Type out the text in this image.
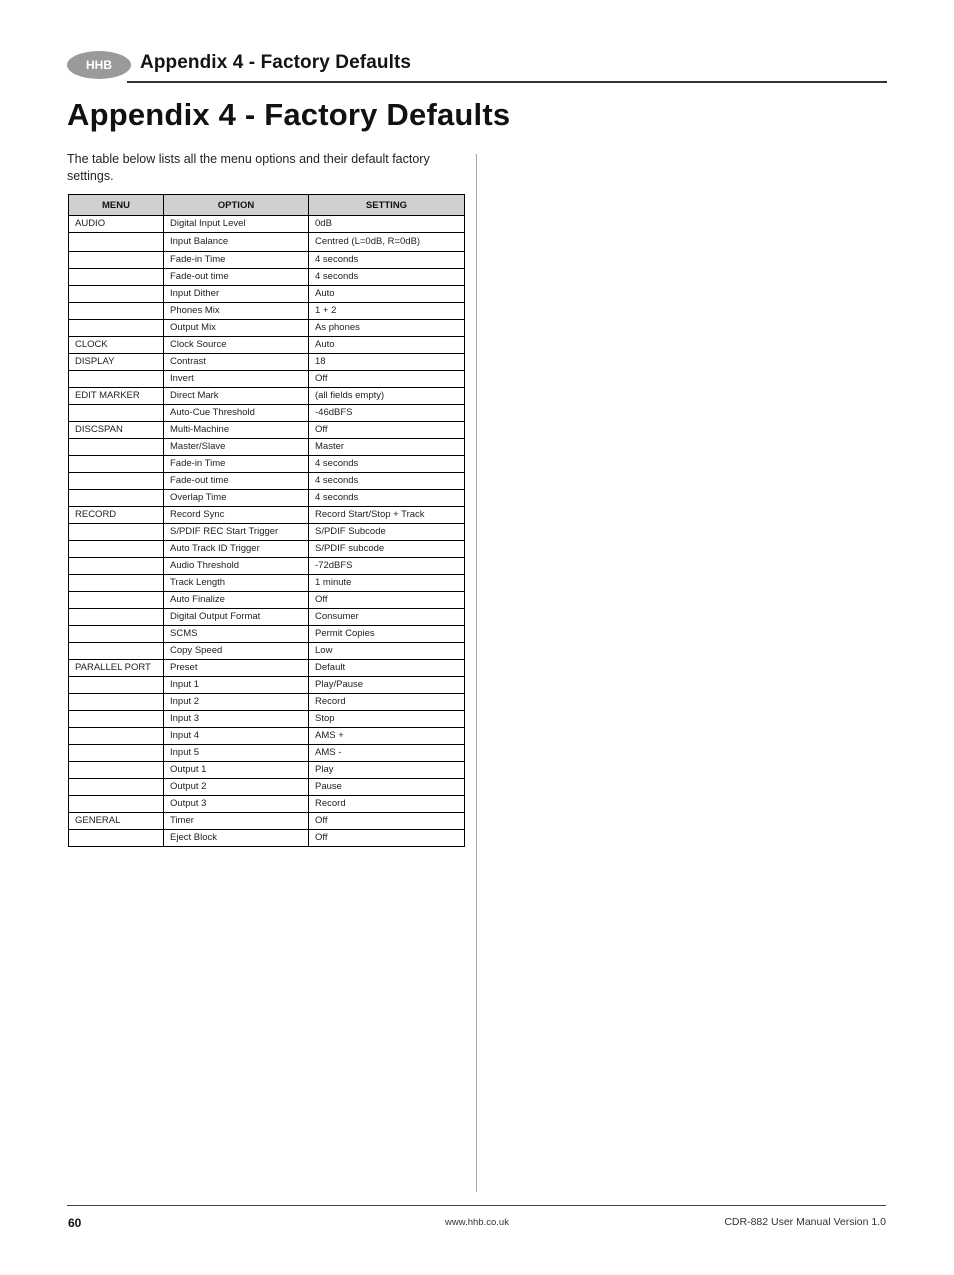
HHB Appendix 4 - Factory Defaults
Appendix 4 - Factory Defaults

The table below lists all the menu options and their default factory settings.

MENU	OPTION	SETTING
AUDIO	Digital Input Level	0dB
	Input Balance	Centred (L=0dB, R=0dB)
	Fade-in Time	4 seconds
	Fade-out time	4 seconds
	Input Dither	Auto
	Phones Mix	1 + 2
	Output Mix	As phones
CLOCK	Clock Source	Auto
DISPLAY	Contrast	18
	Invert	Off
EDIT MARKER	Direct Mark	(all fields empty)
	Auto-Cue Threshold	-46dBFS
DISCSPAN	Multi-Machine	Off
	Master/Slave	Master
	Fade-in Time	4 seconds
	Fade-out time	4 seconds
	Overlap Time	4 seconds
RECORD	Record Sync	Record Start/Stop + Track
	S/PDIF REC Start Trigger	S/PDIF Subcode
	Auto Track ID Trigger	S/PDIF subcode
	Audio Threshold	-72dBFS
	Track Length	1 minute
	Auto Finalize	Off
	Digital Output Format	Consumer
	SCMS	Permit Copies
	Copy Speed	Low
PARALLEL PORT	Preset	Default
	Input 1	Play/Pause
	Input 2	Record
	Input 3	Stop
	Input 4	AMS +
	Input 5	AMS -
	Output 1	Play
	Output 2	Pause
	Output 3	Record
GENERAL	Timer	Off
	Eject Block	Off
60	www.hhb.co.uk	CDR-882 User Manual Version 1.0
